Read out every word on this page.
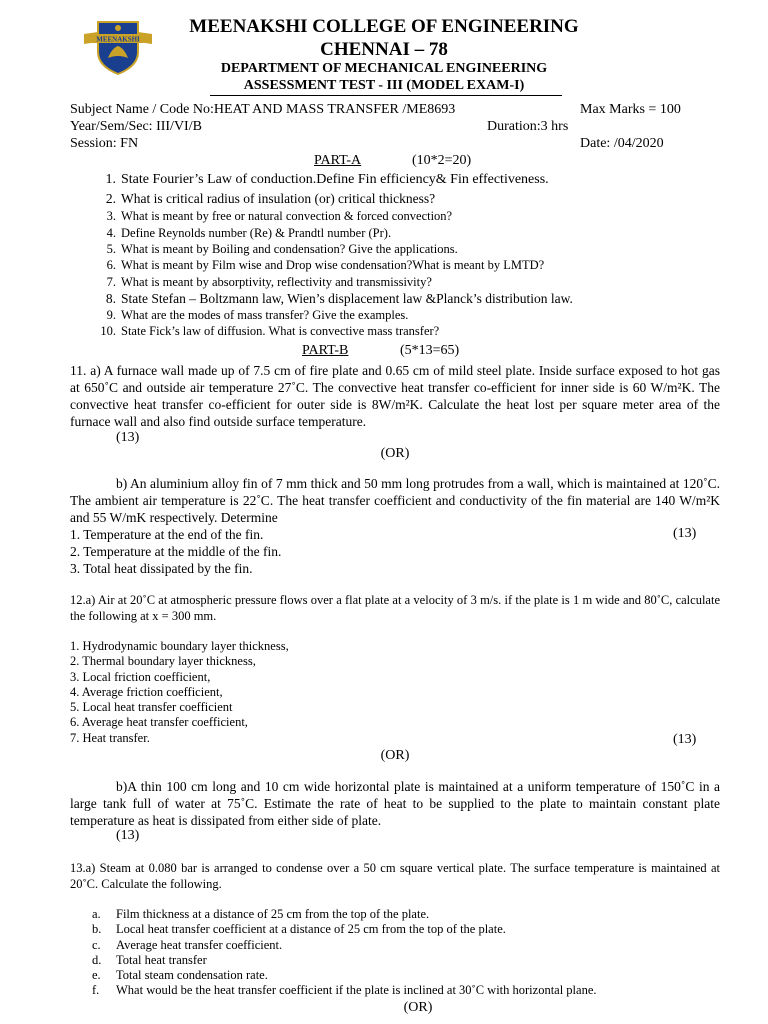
MEENAKSHI
MEENAKSHI COLLEGE OF ENGINEERING
CHENNAI – 78
DEPARTMENT OF MECHANICAL ENGINEERING
ASSESSMENT TEST - III (MODEL EXAM-I)
Subject Name / Code No:HEAT AND MASS TRANSFER /ME8693	Max Marks = 100
Year/Sem/Sec: III/VI/B	Duration:3 hrs
Session: FN	Date: /04/2020
PART-A	(10*2=20)
1. State Fourier’s Law of conduction.Define Fin efficiency& Fin effectiveness.
2. What is critical radius of insulation (or) critical thickness?
3. What is meant by free or natural convection & forced convection?
4. Define Reynolds number (Re) & Prandtl number (Pr).
5. What is meant by Boiling and condensation? Give the applications.
6. What is meant by Film wise and Drop wise condensation?What is meant by LMTD?
7. What is meant by absorptivity, reflectivity and transmissivity?
8. State Stefan – Boltzmann law, Wien’s displacement law &Planck’s distribution law.
9. What are the modes of mass transfer? Give the examples.
10. State Fick’s law of diffusion. What is convective mass transfer?
PART-B	(5*13=65)
11. a) A furnace wall made up of 7.5 cm of fire plate and 0.65 cm of mild steel plate. Inside surface exposed to hot gas at 650˚C and outside air temperature 27˚C. The convective heat transfer co-efficient for inner side is 60 W/m²K. The convective heat transfer co-efficient for outer side is 8W/m²K. Calculate the heat lost per square meter area of the furnace wall and also find outside surface temperature.
(13)
(OR)
b) An aluminium alloy fin of 7 mm thick and 50 mm long protrudes from a wall, which is maintained at 120˚C. The ambient air temperature is 22˚C. The heat transfer coefficient and conductivity of the fin material are 140 W/m²K and 55 W/mK respectively. Determine
1. Temperature at the end of the fin.
2. Temperature at the middle of the fin.
3. Total heat dissipated by the fin.
(13)
12.a) Air at 20˚C at atmospheric pressure flows over a flat plate at a velocity of 3 m/s. if the plate is 1 m wide and 80˚C, calculate the following at x = 300 mm.
1. Hydrodynamic boundary layer thickness,
2. Thermal boundary layer thickness,
3. Local friction coefficient,
4. Average friction coefficient,
5. Local heat transfer coefficient
6. Average heat transfer coefficient,
7. Heat transfer.	(13)
(OR)
b)A thin 100 cm long and 10 cm wide horizontal plate is maintained at a uniform temperature of 150˚C in a large tank full of water at 75˚C. Estimate the rate of heat to be supplied to the plate to maintain constant plate temperature as heat is dissipated from either side of plate.
(13)
13.a) Steam at 0.080 bar is arranged to condense over a 50 cm square vertical plate. The surface temperature is maintained at 20˚C. Calculate the following.
a.	Film thickness at a distance of 25 cm from the top of the plate.
b.	Local heat transfer coefficient at a distance of 25 cm from the top of the plate.
c.	Average heat transfer coefficient.
d.	Total heat transfer
e.	Total steam condensation rate.
f.	What would be the heat transfer coefficient if the plate is inclined at 30˚C with horizontal plane.
(OR)
